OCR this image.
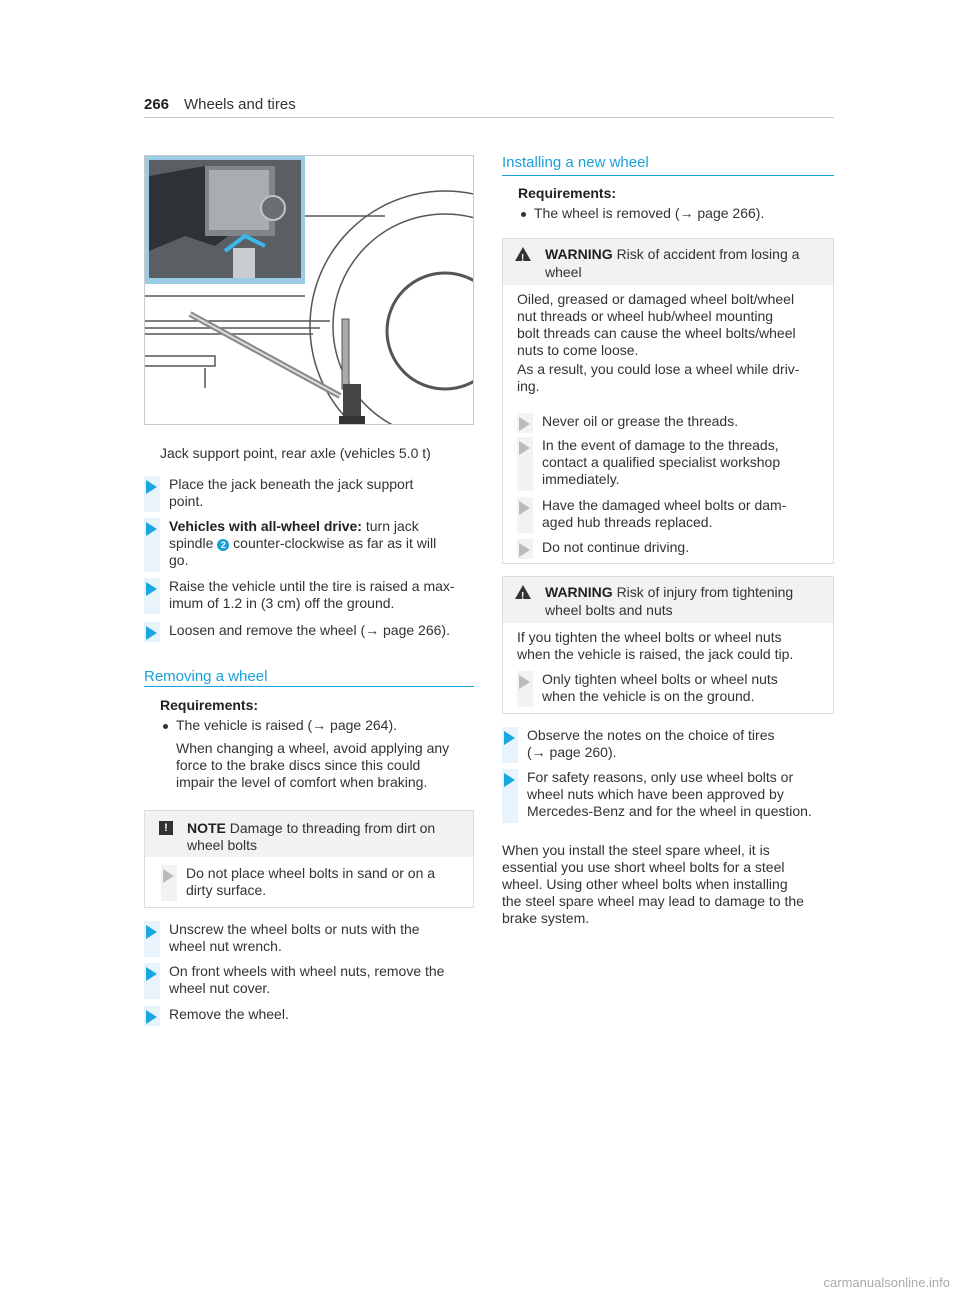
266 Wheels and tires
Jack support point, rear axle (vehicles 5.0 t)
Place the jack beneath the jack support
point.
Vehicles with all-wheel drive: turn jack
spindle 2 counter-clockwise as far as it will
go.
Raise the vehicle until the tire is raised a max-
imum of 1.2 in (3 cm) off the ground.
Loosen and remove the wheel (→ page 266).
Removing a wheel
Requirements:
The vehicle is raised (→ page 264).
When changing a wheel, avoid applying any
force to the brake discs since this could
impair the level of comfort when braking.
!	NOTE Damage to threading from dirt on
wheel bolts
Do not place wheel bolts in sand or on a
dirty surface.
Unscrew the wheel bolts or nuts with the
wheel nut wrench.
On front wheels with wheel nuts, remove the
wheel nut cover.
Remove the wheel.
Installing a new wheel
Requirements:
The wheel is removed (→ page 266).
! WARNING Risk of accident from losing a
wheel
Oiled, greased or damaged wheel bolt/wheel
nut threads or wheel hub/wheel mounting
bolt threads can cause the wheel bolts/wheel
nuts to come loose.
As a result, you could lose a wheel while driv-
ing.
Never oil or grease the threads.
In the event of damage to the threads,
contact a qualified specialist workshop
immediately.
Have the damaged wheel bolts or dam-
aged hub threads replaced.
Do not continue driving.
! WARNING Risk of injury from tightening
wheel bolts and nuts
If you tighten the wheel bolts or wheel nuts
when the vehicle is raised, the jack could tip.
Only tighten wheel bolts or wheel nuts
when the vehicle is on the ground.
Observe the notes on the choice of tires
(→ page 260).
For safety reasons, only use wheel bolts or
wheel nuts which have been approved by
Mercedes-Benz and for the wheel in question.
When you install the steel spare wheel, it is
essential you use short wheel bolts for a steel
wheel. Using other wheel bolts when installing
the steel spare wheel may lead to damage to the
brake system.
carmanualsonline.info
